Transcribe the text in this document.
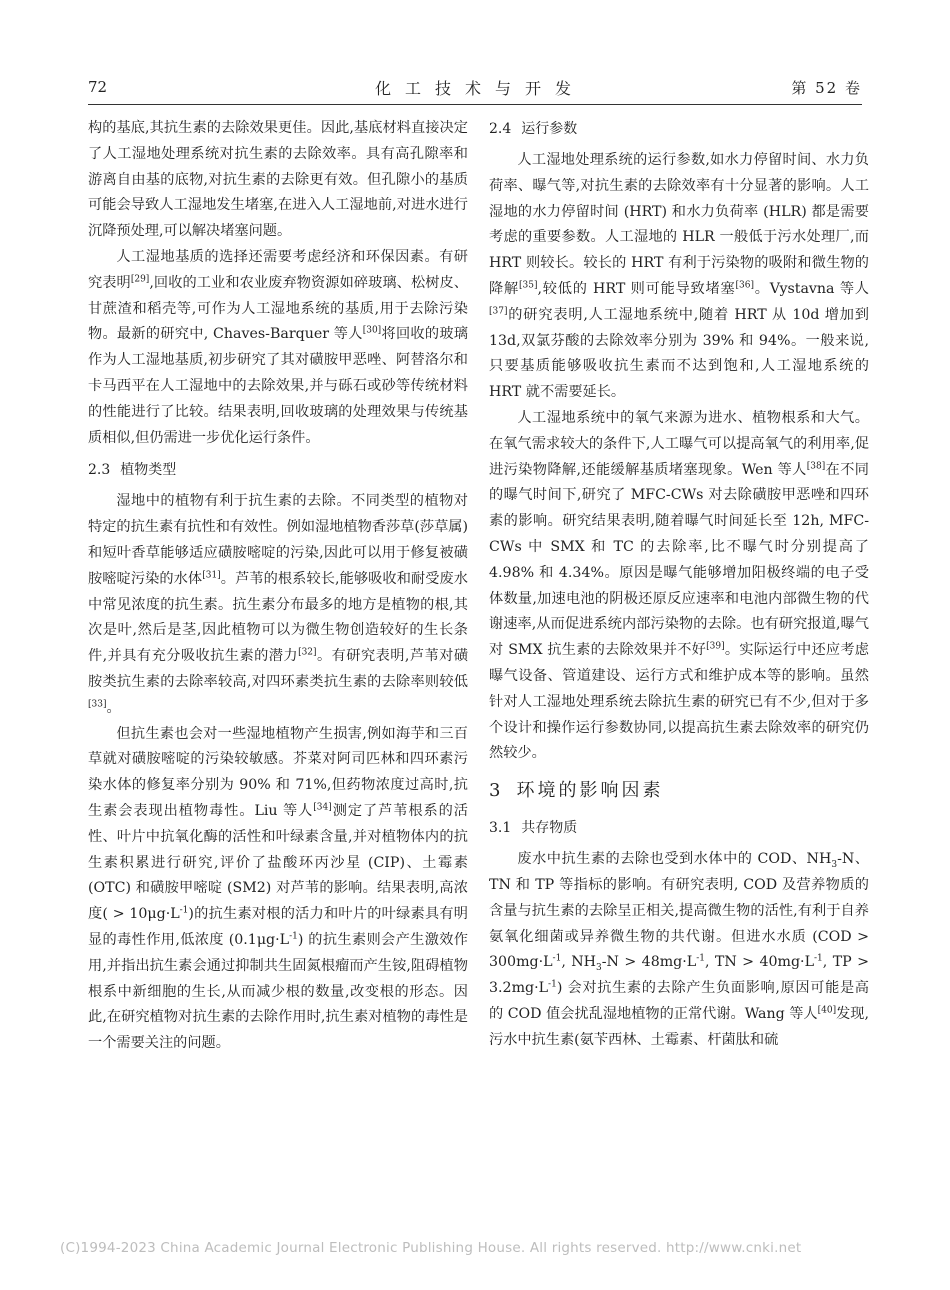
72	化工技术与开发	第 52 卷

构的基底,其抗生素的去除效果更佳。因此,基底材料直接决定了人工湿地处理系统对抗生素的去除效率。具有高孔隙率和游离自由基的底物,对抗生素的去除更有效。但孔隙小的基质可能会导致人工湿地发生堵塞,在进入人工湿地前,对进水进行沉降预处理,可以解决堵塞问题。

人工湿地基质的选择还需要考虑经济和环保因素。有研究表明[29],回收的工业和农业废弃物资源如碎玻璃、松树皮、甘蔗渣和稻壳等,可作为人工湿地系统的基质,用于去除污染物。最新的研究中, Chaves-Barquer 等人[30]将回收的玻璃作为人工湿地基质,初步研究了其对磺胺甲恶唑、阿替洛尔和卡马西平在人工湿地中的去除效果,并与砾石或砂等传统材料的性能进行了比较。结果表明,回收玻璃的处理效果与传统基质相似,但仍需进一步优化运行条件。

2.3 植物类型

湿地中的植物有利于抗生素的去除。不同类型的植物对特定的抗生素有抗性和有效性。例如湿地植物香莎草(莎草属)和短叶香草能够适应磺胺嘧啶的污染,因此可以用于修复被磺胺嘧啶污染的水体[31]。芦苇的根系较长,能够吸收和耐受废水中常见浓度的抗生素。抗生素分布最多的地方是植物的根,其次是叶,然后是茎,因此植物可以为微生物创造较好的生长条件,并具有充分吸收抗生素的潜力[32]。有研究表明,芦苇对磺胺类抗生素的去除率较高,对四环素类抗生素的去除率则较低[33]。

但抗生素也会对一些湿地植物产生损害,例如海芋和三百草就对磺胺嘧啶的污染较敏感。芥菜对阿司匹林和四环素污染水体的修复率分别为 90% 和 71%,但药物浓度过高时,抗生素会表现出植物毒性。Liu 等人[34]测定了芦苇根系的活性、叶片中抗氧化酶的活性和叶绿素含量,并对植物体内的抗生素积累进行研究,评价了盐酸环丙沙星 (CIP)、土霉素 (OTC) 和磺胺甲嘧啶 (SM2) 对芦苇的影响。结果表明,高浓度( > 10μg·L$^{-1}$)的抗生素对根的活力和叶片的叶绿素具有明显的毒性作用,低浓度 (0.1μg·L$^{-1}$) 的抗生素则会产生激效作用,并指出抗生素会通过抑制共生固氮根瘤而产生铵,阻碍植物根系中新细胞的生长,从而减少根的数量,改变根的形态。因此,在研究植物对抗生素的去除作用时,抗生素对植物的毒性是一个需要关注的问题。

2.4 运行参数

人工湿地处理系统的运行参数,如水力停留时间、水力负荷率、曝气等,对抗生素的去除效率有十分显著的影响。人工湿地的水力停留时间 (HRT) 和水力负荷率 (HLR) 都是需要考虑的重要参数。人工湿地的 HLR 一般低于污水处理厂,而 HRT 则较长。较长的 HRT 有利于污染物的吸附和微生物的降解[35],较低的 HRT 则可能导致堵塞[36]。Vystavna 等人[37]的研究表明,人工湿地系统中,随着 HRT 从 10d 增加到 13d,双氯芬酸的去除效率分别为 39% 和 94%。一般来说,只要基质能够吸收抗生素而不达到饱和,人工湿地系统的 HRT 就不需要延长。

人工湿地系统中的氧气来源为进水、植物根系和大气。在氧气需求较大的条件下,人工曝气可以提高氧气的利用率,促进污染物降解,还能缓解基质堵塞现象。Wen 等人[38]在不同的曝气时间下,研究了 MFC-CWs 对去除磺胺甲恶唑和四环素的影响。研究结果表明,随着曝气时间延长至 12h, MFC-CWs 中 SMX 和 TC 的去除率,比不曝气时分别提高了 4.98% 和 4.34%。原因是曝气能够增加阳极终端的电子受体数量,加速电池的阴极还原反应速率和电池内部微生物的代谢速率,从而促进系统内部污染物的去除。也有研究报道,曝气对 SMX 抗生素的去除效果并不好[39]。实际运行中还应考虑曝气设备、管道建设、运行方式和维护成本等的影响。虽然针对人工湿地处理系统去除抗生素的研究已有不少,但对于多个设计和操作运行参数协同,以提高抗生素去除效率的研究仍然较少。

3 环境的影响因素
3.1 共存物质

废水中抗生素的去除也受到水体中的 COD、$NH_3-N$、TN 和 TP 等指标的影响。有研究表明, COD 及营养物质的含量与抗生素的去除呈正相关,提高微生物的活性,有利于自养氨氧化细菌或异养微生物的共代谢。但进水水质 (COD > 300mg·L$^{-1}$, $NH_3-N > 48mg\cdot L^{-1}$, TN > 40mg·L$^{-1}$, TP > 3.2mg·L$^{-1}$) 会对抗生素的去除产生负面影响,原因可能是高的 COD 值会扰乱湿地植物的正常代谢。Wang 等人[40]发现,污水中抗生素(氨苄西林、土霉素、杆菌肽和硫

(C)1994-2023 China Academic Journal Electronic Publishing House. All rights reserved. http://www.cnki.net
